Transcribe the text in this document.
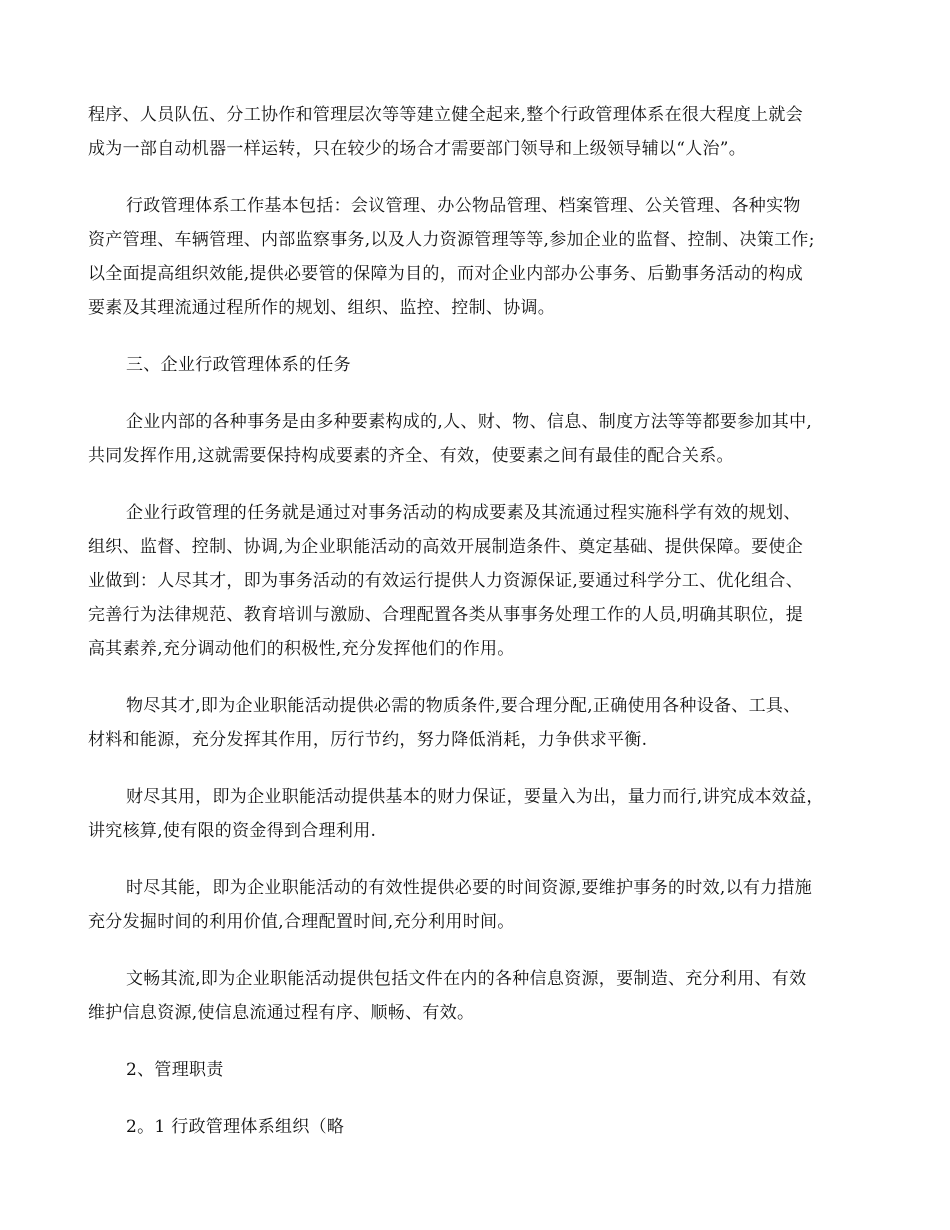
程序、人员队伍、分工协作和管理层次等等建立健全起来,整个行政管理体系在很大程度上就会
成为一部自动机器一样运转，只在较少的场合才需要部门领导和上级领导辅以“人治”。

行政管理体系工作基本包括：会议管理、办公物品管理、档案管理、公关管理、各种实物
资产管理、车辆管理、内部监察事务,以及人力资源管理等等,参加企业的监督、控制、决策工作;
以全面提高组织效能,提供必要管的保障为目的，而对企业内部办公事务、后勤事务活动的构成
要素及其理流通过程所作的规划、组织、监控、控制、协调。

三、企业行政管理体系的任务

企业内部的各种事务是由多种要素构成的,人、财、物、信息、制度方法等等都要参加其中,
共同发挥作用,这就需要保持构成要素的齐全、有效，使要素之间有最佳的配合关系。

企业行政管理的任务就是通过对事务活动的构成要素及其流通过程实施科学有效的规划、
组织、监督、控制、协调,为企业职能活动的高效开展制造条件、奠定基础、提供保障。要使企
业做到：人尽其才，即为事务活动的有效运行提供人力资源保证,要通过科学分工、优化组合、
完善行为法律规范、教育培训与激励、合理配置各类从事事务处理工作的人员,明确其职位，提
高其素养,充分调动他们的积极性,充分发挥他们的作用。

物尽其才,即为企业职能活动提供必需的物质条件,要合理分配,正确使用各种设备、工具、
材料和能源，充分发挥其作用，厉行节约，努力降低消耗，力争供求平衡.

财尽其用，即为企业职能活动提供基本的财力保证，要量入为出，量力而行,讲究成本效益，
讲究核算,使有限的资金得到合理利用.

时尽其能，即为企业职能活动的有效性提供必要的时间资源,要维护事务的时效,以有力措施
充分发掘时间的利用价值,合理配置时间,充分利用时间。

文畅其流,即为企业职能活动提供包括文件在内的各种信息资源，要制造、充分利用、有效
维护信息资源,使信息流通过程有序、顺畅、有效。

2、管理职责

2。1 行政管理体系组织（略
